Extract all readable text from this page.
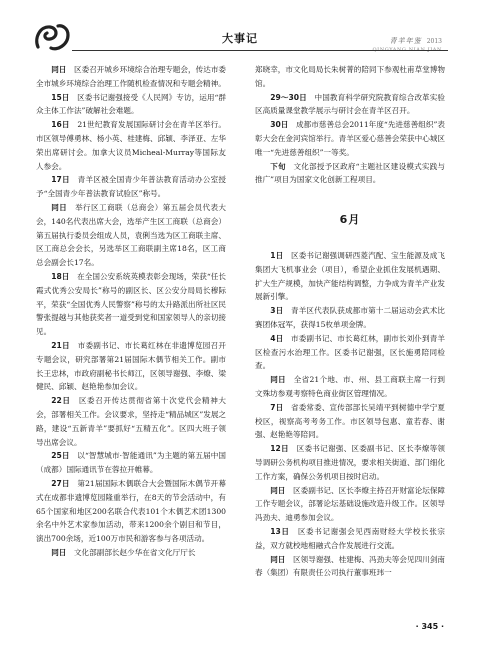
大事记	青羊年鉴 2013

同日　 区委召开城乡环境综合治理专题会，传达市委全市城乡环境综合治理工作随机检查情况和专题会精神。

15日　 区委书记谢强接受《人民网》专访，运用“群众主体工作法”破解社会难题。

16日　 21世纪教育发展国际研讨会在青羊区举行。市区领导傅勇林、杨小英、桂建梅、邱颖、李泽亚、左华荣出席研讨会。加拿大议员Micheal-Murray等国际友人参会。

17日　 青羊区被全国青少年普法教育活动办公室授予“全国青少年普法教育试验区”称号。

同日　 举行区工商联（总商会）第五届会员代表大会，140名代表出席大会，选举产生区工商联（总商会）第五届执行委员会组成人员，袁俐当选为区工商联主席、区工商总会会长，另选举区工商联副主席18名，区工商总会副会长17名。

18日　 在全国公安系统英模表彰会现场，荣获“任长霞式优秀公安局长”称号的副区长、区公安分局局长穆际平，荣获“全国优秀人民警察”称号的太升路派出所社区民警张提越与其他获奖者一道受到党和国家领导人的亲切接见。

21日　 市委副书记、市长葛红林在非遗博览园召开专题会议，研究部署第21届国际木偶节相关工作。副市长王忠林，市政府副秘书长师江，区领导谢强、李燎、梁健民、邱颖、赵艳艳参加会议。

22日　 区委召开传达贯彻省第十次党代会精神大会，部署相关工作。会议要求，坚持走“精品城区”发展之路，建设“五新青羊”要抓好“五精五化”。区四大班子领导出席会议。

25日　 以“智慧城市·智能通讯”为主题的第五届中国（成都）国际通讯节在蓉拉开帷幕。

27日　 第21届国际木偶联合大会暨国际木偶节开幕式在成都非遗博览园隆重举行，在8天的节会活动中，有65个国家和地区200名联合代表101个木偶艺术团1300余名中外艺术家参加活动，带来1200余个剧目和节目，演出700余场，近100万市民和游客参与各项活动。

同日　 文化部副部长赵少华在省文化厅厅长

郑晓幸，市文化局局长朱树菁的陪同下参观杜甫草堂博物馆。

29～30日　 中国教育科学研究院教育综合改革实验区高质量课堂教学展示与研讨会在青羊区召开。

30日　 成都市慈善总会2011年度“先进慈善组织”表彰大会在金河宾馆举行。青羊区爱心慈善会荣获中心城区唯一“先进慈善组织”一等奖。

下旬　 文化部授予区政府“主题社区建设模式实践与推广”项目为国家文化创新工程项目。

6月

1日　 区委书记谢强调研西菱汽配、宝生能源及成飞集团大飞机事业会（项目），希望企业抓住发展机遇期、扩大生产规模，加快产能结构调整，力争成为青羊产业发展新引擎。

3日　 青羊区代表队获成都市第十二届运动会武术比赛团体冠军，获得15枚单项金牌。

4日　 市委副书记、市长葛红林，副市长刘仆到青羊区检查污水治理工作。区委书记谢强，区长施勇陪同检查。

同日　 全省21个地、市、州、县工商联主席一行到文殊坊参观考察特色商业街区管理情况。

7日　 省委常委、宣传部部长吴靖平到树德中学宁夏校区，视察高考考务工作。市区领导包惠、童若春、谢强、赵艳艳等陪同。

12日　 区委书记谢强、区委副书记、区长李燎等领导调研公务机构项目推进情况，要求相关街道、部门细化工作方案，确保公务机项目按时启动。

同日　 区委副书记、区长李燎主持召开财富论坛保障工作专题会议，部署论坛基础设施改造升级工作。区领导冯劲夫、迪勇参加会议。

13日　 区委书记谢强会见西南财经大学校长张宗益，双方就校地相融式合作发展进行交流。

同日　 区领导谢强、桂建梅、冯劲夫等会见四川剑南春（集团）有限责任公司执行董事班玮一

· 345 ·
